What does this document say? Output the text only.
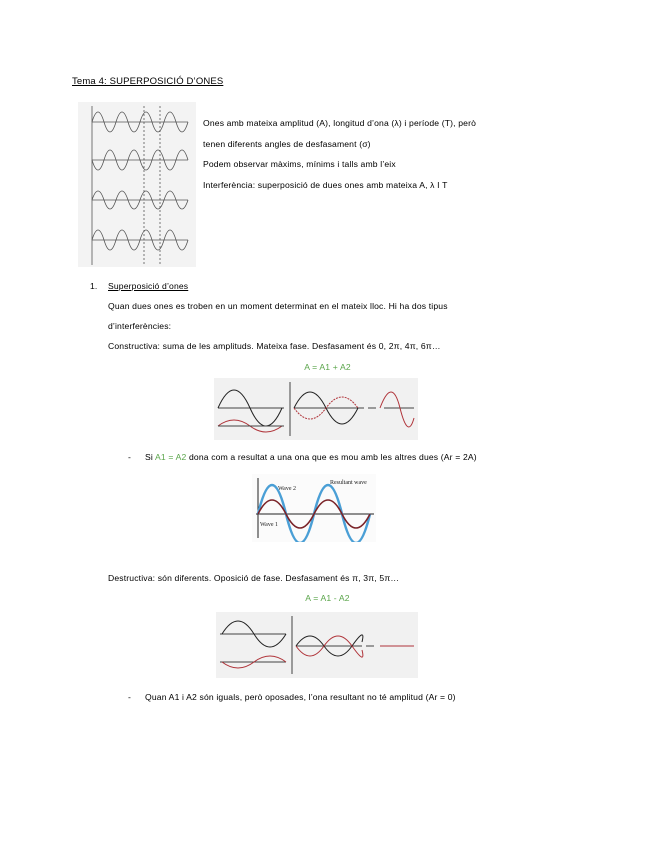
Tema 4: SUPERPOSICIÓ D’ONES
Ones amb mateixa amplitud (A), longitud d’ona (λ) i període (T), però
tenen diferents angles de desfasament (σ)
Podem observar màxims, mínims i talls amb l’eix
Interferència: superposició de dues ones amb mateixa A, λ I T
1. Superposició d’ones
Quan dues ones es troben en un moment determinat en el mateix lloc. Hi ha dos tipus
d’interferències:
Constructiva: suma de les amplituds. Mateixa fase. Desfasament és 0, 2π, 4π, 6π…
A = A1 + A2
- Si A1 = A2 dona com a resultat a una ona que es mou amb les altres dues (Ar = 2A)
Wave 2
Resultant wave
Wave 1
Destructiva: són diferents. Oposició de fase. Desfasament és π, 3π, 5π…
A = A1 - A2
- Quan A1 i A2 són iguals, però oposades, l’ona resultant no té amplitud (Ar = 0)
